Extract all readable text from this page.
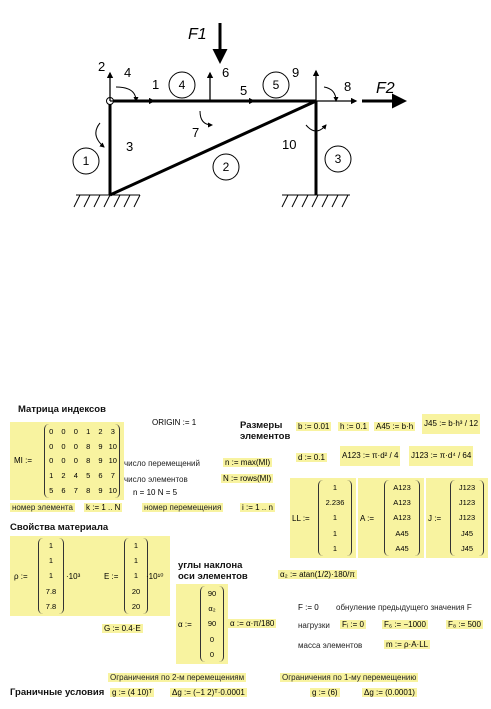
1	2
3
4	5
2 4
1
3
6
5
7
9
8
10
F1
F2
Матрица индексов
ORIGIN := 1
MI :=
0	0	0	1	2	3
0	0	0	8	9 10
0	0	0	8	9 10
1	2	4	5	6	7
5	6	7	8	9 10
число перемещений	n := max(MI)
число элементов	N := rows(MI)
n = 10 N = 5
номер элемента k := 1 .. N	номер перемещения	i := 1 .. n
Размеры
элементов
b := 0.01 h := 0.1 A45 := b·h J45 := b·h³ / 12
d := 0.1 A123 := π·d² / 4 J123 := π·d⁴ / 64
LL :=
1
2.236
1
1
1
A :=
A123
A123
A123
A45
A45
J :=
J123
J123
J123
J45
J45
Свойства материала
ρ :=
1
1
1
7.8
7.8
·10³	E :=
1
1
1
20
20
·10¹⁰
G := 0.4·E
углы наклона
оси элементов
α :=
90
α₂
90
0
0
α := α·π/180
α₂ := atan(1/2)·180/π
F := 0 обнуление предыдущего значения F
нагрузки Fᵢ := 0	F₆ := −1000	F₈ := 500
масса элементов	m := ρ·A·LL
Ограничения по 2-м перемещениям	Ограничения по 1-му перемещению
Граничные условия g := (4 10)ᵀ Δg := (−1 2)ᵀ·0.0001	g := (6)	Δg := (0.0001)
